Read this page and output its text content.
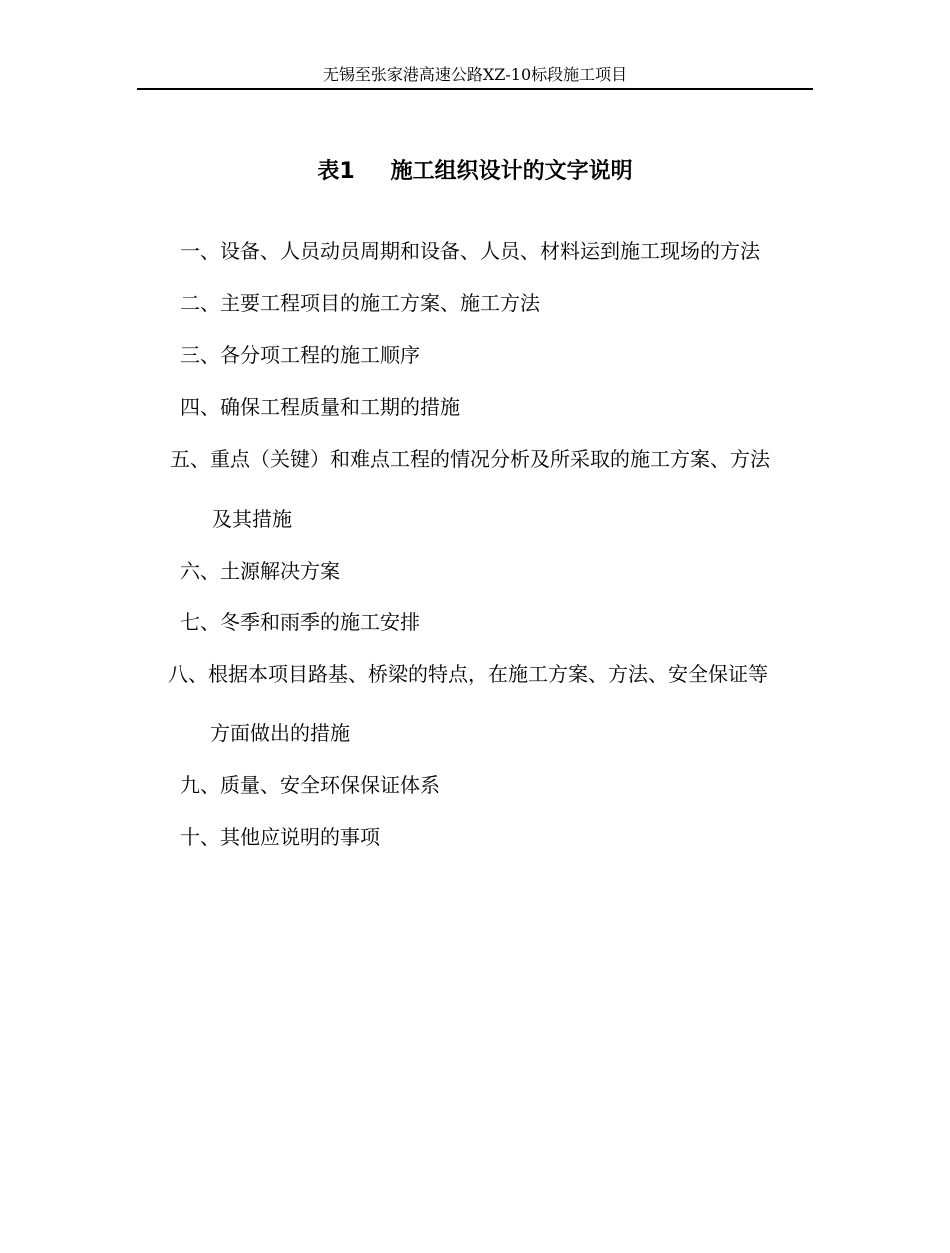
无锡至张家港高速公路XZ-10标段施工项目
表1 施工组织设计的文字说明
一、设备、人员动员周期和设备、人员、材料运到施工现场的方法
二、主要工程项目的施工方案、施工方法
三、各分项工程的施工顺序
四、确保工程质量和工期的措施
五、重点（关键）和难点工程的情况分析及所采取的施工方案、方法
及其措施
六、土源解决方案
七、冬季和雨季的施工安排
八、根据本项目路基、桥梁的特点，在施工方案、方法、安全保证等
方面做出的措施
九、质量、安全环保保证体系
十、其他应说明的事项
